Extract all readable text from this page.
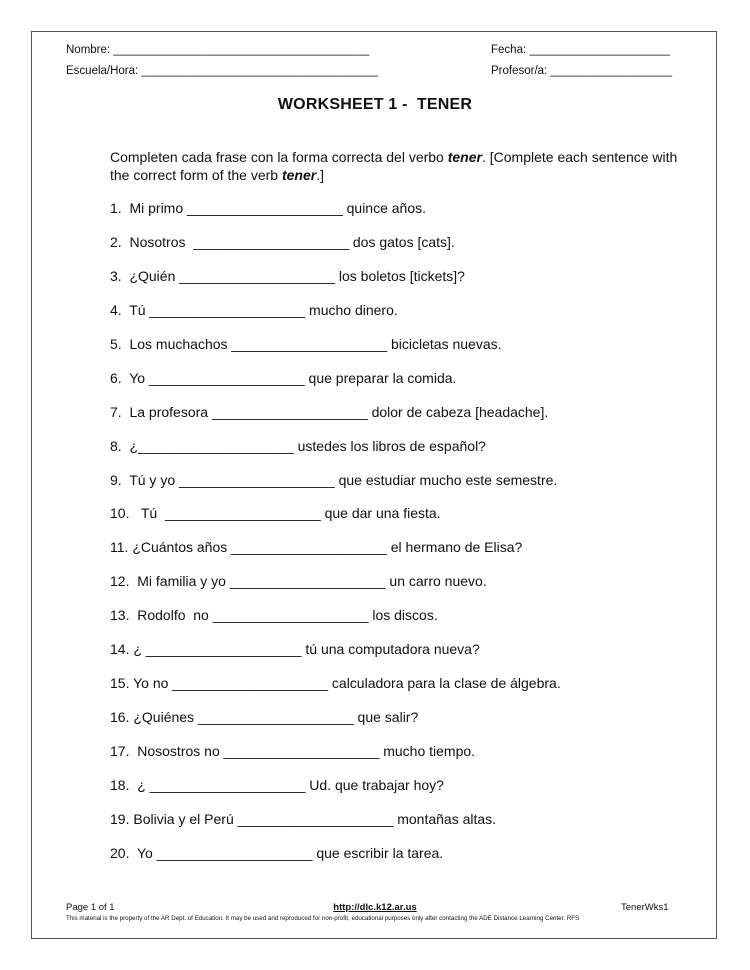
Nombre: ________________________________________	Fecha: ______________________
Escuela/Hora: _____________________________________	Profesor/a: ___________________
WORKSHEET 1 -  TENER
Completen cada frase con la forma correcta del verbo tener. [Complete each sentence with the correct form of the verb tener.]
1.  Mi primo ____________________ quince años.
2.  Nosotros  ____________________ dos gatos [cats].
3.  ¿Quién ____________________ los boletos [tickets]?
4.  Tú ____________________ mucho dinero.
5.  Los muchachos ____________________ bicicletas nuevas.
6.  Yo ____________________ que preparar la comida.
7.  La profesora ____________________ dolor de cabeza [headache].
8.  ¿____________________ ustedes los libros de español?
9.  Tú y yo ____________________ que estudiar mucho este semestre.
10.   Tú  ____________________ que dar una fiesta.
11. ¿Cuántos años ____________________ el hermano de Elisa?
12.  Mi familia y yo ____________________ un carro nuevo.
13.  Rodolfo  no ____________________ los discos.
14. ¿ ____________________ tú una computadora nueva?
15. Yo no ____________________ calculadora para la clase de álgebra.
16. ¿Quiénes ____________________ que salir?
17.  Nosostros no ____________________ mucho tiempo.
18.  ¿ ____________________ Ud. que trabajar hoy?
19. Bolivia y el Perú ____________________ montañas altas.
20.  Yo ____________________ que escribir la tarea.
Page 1 of 1	http://dlc.k12.ar.us	TenerWks1
This material is the property of the AR Dept. of Education. It may be used and reproduced for non-profit, educational purposes only after contacting the ADE Distance Learning Center. RFS
